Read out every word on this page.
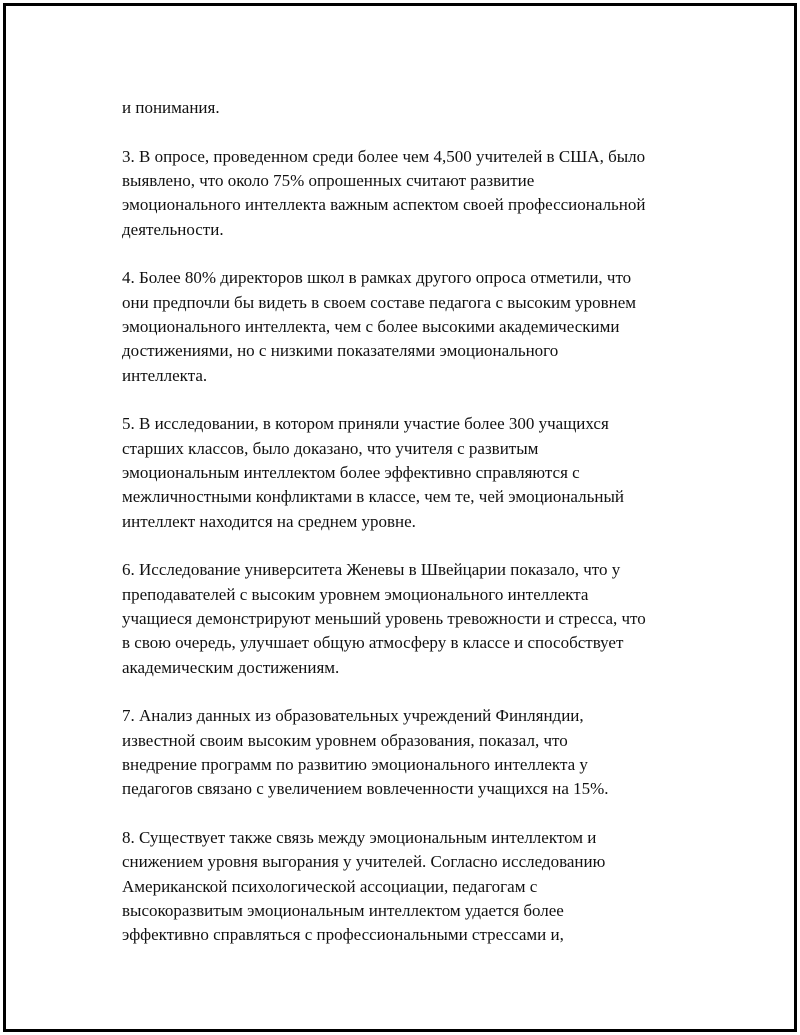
и понимания.

3. В опросе, проведенном среди более чем 4,500 учителей в США, было
выявлено, что около 75% опрошенных считают развитие
эмоционального интеллекта важным аспектом своей профессиональной
деятельности.

4. Более 80% директоров школ в рамках другого опроса отметили, что
они предпочли бы видеть в своем составе педагога с высоким уровнем
эмоционального интеллекта, чем с более высокими академическими
достижениями, но с низкими показателями эмоционального
интеллекта.

5. В исследовании, в котором приняли участие более 300 учащихся
старших классов, было доказано, что учителя с развитым
эмоциональным интеллектом более эффективно справляются с
межличностными конфликтами в классе, чем те, чей эмоциональный
интеллект находится на среднем уровне.

6. Исследование университета Женевы в Швейцарии показало, что у
преподавателей с высоким уровнем эмоционального интеллекта
учащиеся демонстрируют меньший уровень тревожности и стресса, что
в свою очередь, улучшает общую атмосферу в классе и способствует
академическим достижениям.

7. Анализ данных из образовательных учреждений Финляндии,
известной своим высоким уровнем образования, показал, что
внедрение программ по развитию эмоционального интеллекта у
педагогов связано с увеличением вовлеченности учащихся на 15%.

8. Существует также связь между эмоциональным интеллектом и
снижением уровня выгорания у учителей. Согласно исследованию
Американской психологической ассоциации, педагогам с
высокоразвитым эмоциональным интеллектом удается более
эффективно справляться с профессиональными стрессами и,
